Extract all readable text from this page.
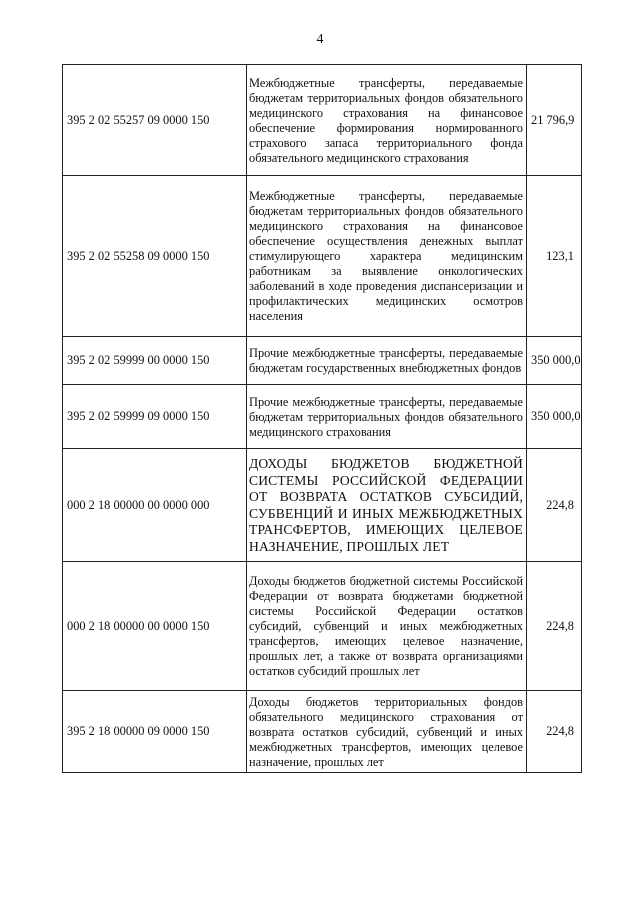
4
395 2 02 55257 09 0000 150	Межбюджетные трансферты, передаваемые бюджетам территориальных фондов обязательного медицинского страхования на финансовое обеспечение формирования нормированного страхового запаса территориального фонда обязательного медицинского страхования	21 796,9
395 2 02 55258 09 0000 150	Межбюджетные трансферты, передаваемые бюджетам территориальных фондов обязательного медицинского страхования на финансовое обеспечение осуществления денежных выплат стимулирующего характера медицинским работникам за выявление онкологических заболеваний в ходе проведения диспансеризации и профилактических медицинских осмотров населения	123,1
395 2 02 59999 00 0000 150	Прочие межбюджетные трансферты, передаваемые бюджетам государственных внебюджетных фондов	350 000,0
395 2 02 59999 09 0000 150	Прочие межбюджетные трансферты, передаваемые бюджетам территориальных фондов обязательного медицинского страхования	350 000,0
000 2 18 00000 00 0000 000	ДОХОДЫ БЮДЖЕТОВ БЮДЖЕТНОЙ СИСТЕМЫ РОССИЙСКОЙ ФЕДЕРАЦИИ ОТ ВОЗВРАТА ОСТАТКОВ СУБСИДИЙ, СУБВЕНЦИЙ И ИНЫХ МЕЖБЮДЖЕТНЫХ ТРАНСФЕРТОВ, ИМЕЮЩИХ ЦЕЛЕВОЕ НАЗНАЧЕНИЕ, ПРОШЛЫХ ЛЕТ	224,8
000 2 18 00000 00 0000 150	Доходы бюджетов бюджетной системы Российской Федерации от возврата бюджетами бюджетной системы Российской Федерации остатков субсидий, субвенций и иных межбюджетных трансфертов, имеющих целевое назначение, прошлых лет, а также от возврата организациями остатков субсидий прошлых лет	224,8
395 2 18 00000 09 0000 150	Доходы бюджетов территориальных фондов обязательного медицинского страхования от возврата остатков субсидий, субвенций и иных межбюджетных трансфертов, имеющих целевое назначение, прошлых лет	224,8
